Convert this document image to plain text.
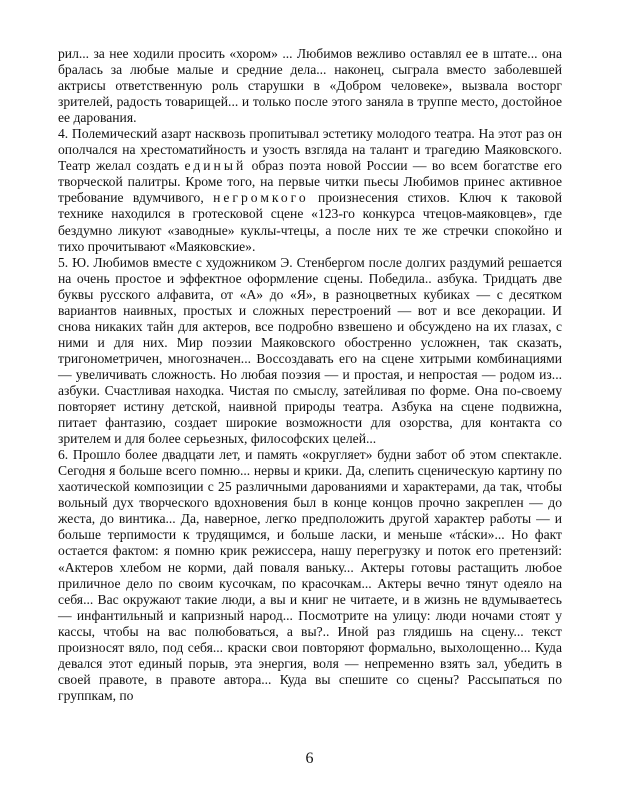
рил... за нее ходили просить «хором» ... Любимов вежливо оставлял ее в штате... она бралась за любые малые и средние дела... наконец, сыграла вместо заболевшей актрисы ответственную роль старушки в «Добром человеке», вызвала восторг зрителей, радость товарищей... и только после этого заняла в труппе место, достойное ее дарования.

4. Полемический азарт насквозь пропитывал эстетику молодого театра. На этот раз он ополчался на хрестоматийность и узость взгляда на талант и трагедию Маяковского. Театр желал создать единый образ поэта новой России — во всем богатстве его творческой палитры. Кроме того, на первые читки пьесы Любимов принес активное требование вдумчивого, негромкого произнесения стихов. Ключ к таковой технике находился в гротесковой сцене «123-го конкурса чтецов-маяковцев», где бездумно ликуют «заводные» куклы-чтецы, а после них те же стречки спокойно и тихо прочитывают «Маяковские».

5. Ю. Любимов вместе с художником Э. Стенбергом после долгих раздумий решается на очень простое и эффектное оформление сцены. Победила.. азбука. Тридцать две буквы русского алфавита, от «А» до «Я», в разноцветных кубиках — с десятком вариантов наивных, простых и сложных перестроений — вот и все декорации. И снова никаких тайн для актеров, все подробно взвешено и обсуждено на их глазах, с ними и для них. Мир поэзии Маяковского обостренно усложнен, так сказать, тригонометричен, многозначен... Воссоздавать его на сцене хитрыми комбинациями — увеличивать сложность. Но любая поэзия — и простая, и непростая — родом из... азбуки. Счастливая находка. Чистая по смыслу, затейливая по форме. Она по-своему повторяет истину детской, наивной природы театра. Азбука на сцене подвижна, питает фантазию, создает широкие возможности для озорства, для контакта со зрителем и для более серьезных, философских целей...

6. Прошло более двадцати лет, и память «округляет» будни забот об этом спектакле. Сегодня я больше всего помню... нервы и крики. Да, слепить сценическую картину по хаотической композиции с 25 различными дарованиями и характерами, да так, чтобы вольный дух творческого вдохновения был в конце концов прочно закреплен — до жеста, до винтика... Да, наверное, легко предположить другой характер работы — и больше терпимости к трудящимся, и больше ласки, и меньше «тáски»... Но факт остается фактом: я помню крик режиссера, нашу перегрузку и поток его претензий: «Актеров хлебом не корми, дай поваля ваньку... Актеры готовы растащить любое приличное дело по своим кусочкам, по красочкам... Актеры вечно тянут одеяло на себя... Вас окружают такие люди, а вы и книг не читаете, и в жизнь не вдумываетесь — инфантильный и капризный народ... Посмотрите на улицу: люди ночами стоят у кассы, чтобы на вас полюбоваться, а вы?.. Иной раз глядишь на сцену... текст произносят вяло, под себя... краски свои повторяют формально, выхолощенно... Куда девался этот единый порыв, эта энергия, воля — непременно взять зал, убедить в своей правоте, в правоте автора... Куда вы спешите со сцены? Рассыпаться по группкам, по

6
